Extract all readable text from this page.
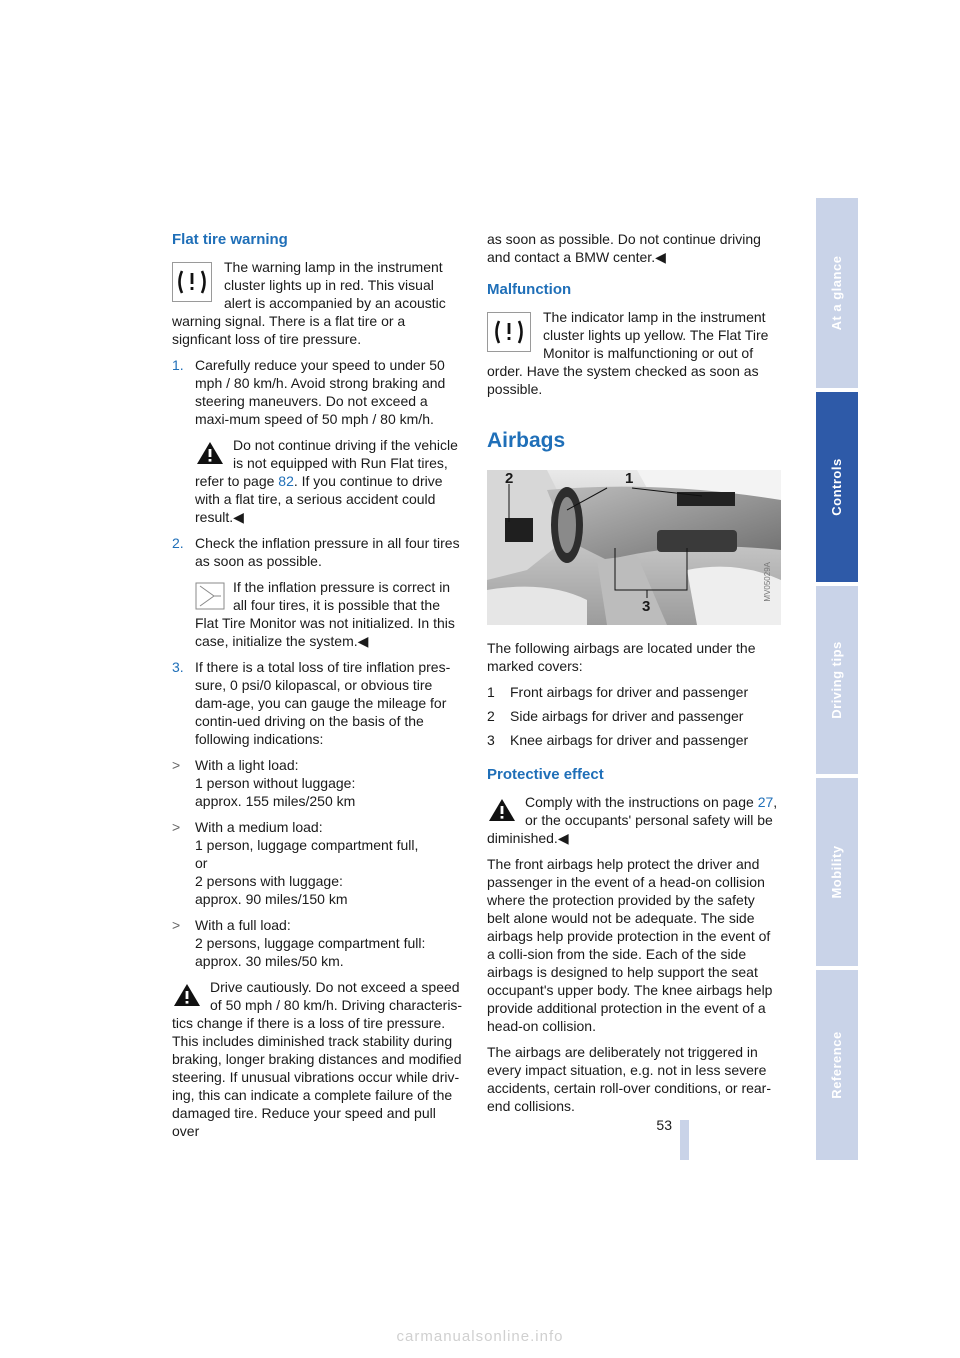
Flat tire warning

The warning lamp in the instrument cluster lights up in red. This visual alert is accompanied by an acoustic warning signal. There is a flat tire or a signficant loss of tire pressure.

1. Carefully reduce your speed to under 50 mph / 80 km/h. Avoid strong braking and steering maneuvers. Do not exceed a maxi-mum speed of 50 mph / 80 km/h.
Do not continue driving if the vehicle is not equipped with Run Flat tires, refer to page 82. If you continue to drive with a flat tire, a serious accident could result.◀
2. Check the inflation pressure in all four tires as soon as possible.
If the inflation pressure is correct in all four tires, it is possible that the Flat Tire Monitor was not initialized. In this case, initialize the system.◀
3. If there is a total loss of tire inflation pres-sure, 0 psi/0 kilopascal, or obvious tire dam-age, you can gauge the mileage for contin-ued driving on the basis of the following indications:
>	With a light load:
1 person without luggage:
approx. 155 miles/250 km
>	With a medium load:
1 person, luggage compartment full,
or
2 persons with luggage:
approx. 90 miles/150 km
>	With a full load:
2 persons, luggage compartment full:
approx. 30 miles/50 km.
Drive cautiously. Do not exceed a speed of 50 mph / 80 km/h. Driving characteris-tics change if there is a loss of tire pressure. This includes diminished track stability during braking, longer braking distances and modified steering. If unusual vibrations occur while driv-ing, this can indicate a complete failure of the damaged tire. Reduce your speed and pull over

as soon as possible. Do not continue driving and contact a BMW center.◀

Malfunction

The indicator lamp in the instrument cluster lights up yellow. The Flat Tire Monitor is malfunctioning or out of order. Have the system checked as soon as possible.

Airbags
2	1
3
MV05029A

The following airbags are located under the marked covers:

1	Front airbags for driver and passenger
2	Side airbags for driver and passenger
3	Knee airbags for driver and passenger
Protective effect
Comply with the instructions on page 27, or the occupants' personal safety will be diminished.◀

The front airbags help protect the driver and passenger in the event of a head-on collision where the protection provided by the safety belt alone would not be adequate. The side airbags help provide protection in the event of a colli-sion from the side. Each of the side airbags is designed to help support the seat occupant's upper body. The knee airbags help provide additional protection in the event of a head-on collision.

The airbags are deliberately not triggered in every impact situation, e.g. not in less severe accidents, certain roll-over conditions, or rear-end collisions.

At a glance
Controls
Driving tips
Mobility
Reference
53
carmanualsonline.info
